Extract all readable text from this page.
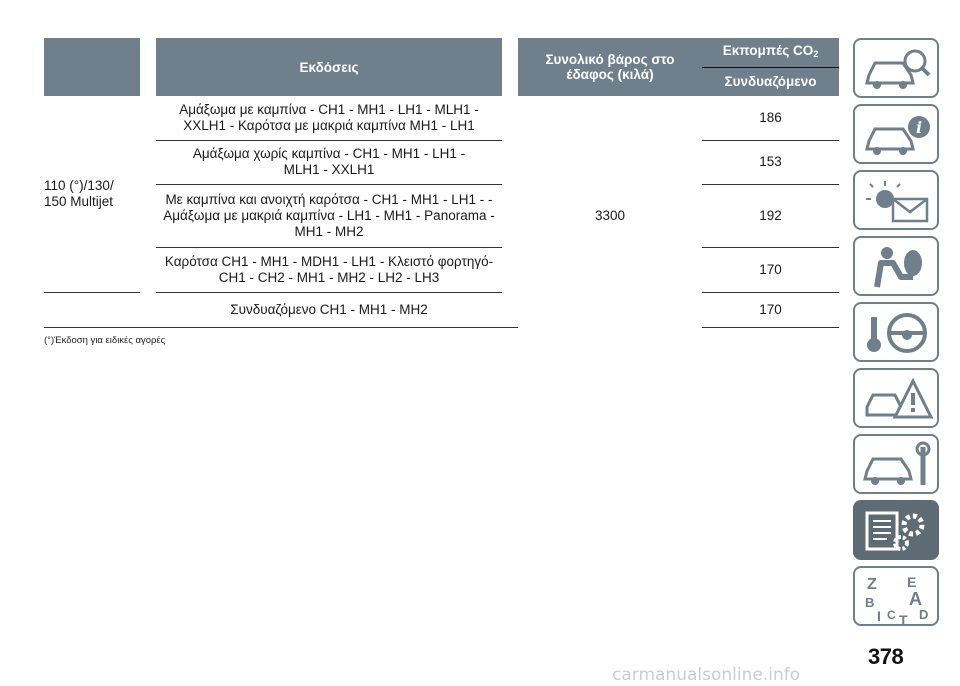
		Εκδόσεις		Συνολικό βάρος στο έδαφος (κιλά)	Εκπομπές $CO_2$
					Συνδυαζόμενο
110 (°)/130/ 150 Multijet		Αμάξωμα με καμπίνα - CH1 - MH1 - LH1 - MLH1 - XXLH1 - Καρότσα με μακριά καμπίνα MH1 - LH1		3300	186
		Αμάξωμα χωρίς καμπίνα - CH1 - MH1 - LH1 - MLH1 - XXLH1			153
		Με καμπίνα και ανοιχτή καρότσα - CH1 - MH1 - LH1 - - Αμάξωμα με μακριά καμπίνα - LH1 - MH1 - Panorama - MH1 - MH2			192
		Καρότσα CH1 - MH1 - MDH1 - LH1 - Κλειστό φορτηγό- CH1 - CH2 - MH1 - MH2 - LH2 - LH3			170
		Συνδυαζόμενο CH1 - MH1 - MH2			170
(°)Έκδοση για ειδικές αγορές
i
Z E
B A
I C T D
378
carmanualsonline.info
